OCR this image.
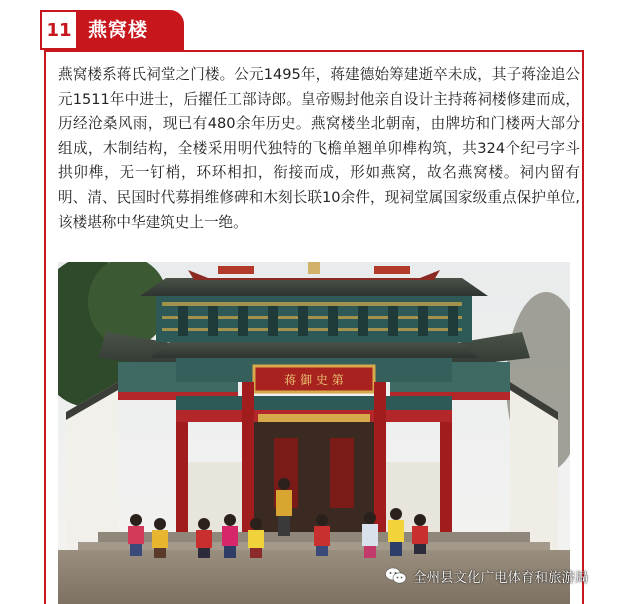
11 燕窝楼

燕窝楼系蒋氏祠堂之门楼。公元1495年，蒋建德始筹建逝卒未成，其子蒋淦追公元1511年中进士，后擢任工部诗郎。皇帝赐封他亲自设计主持蒋祠楼修建而成，历经沧桑风雨，现已有480余年历史。燕窝楼坐北朝南，由牌坊和门楼两大部分组成，木制结构，全楼采用明代独特的飞檐单翘单卯榫构筑，共324个纪弓字斗拱卯榫，无一钉梢，环环相扣，衔接而成，形如燕窝，故名燕窝楼。祠内留有明、清、民国时代募捐维修碑和木刻长联10余件，现祠堂属国家级重点保护单位,该楼堪称中华建筑史上一绝。

蒋 御 史 第
全州县文化广电体育和旅游局
